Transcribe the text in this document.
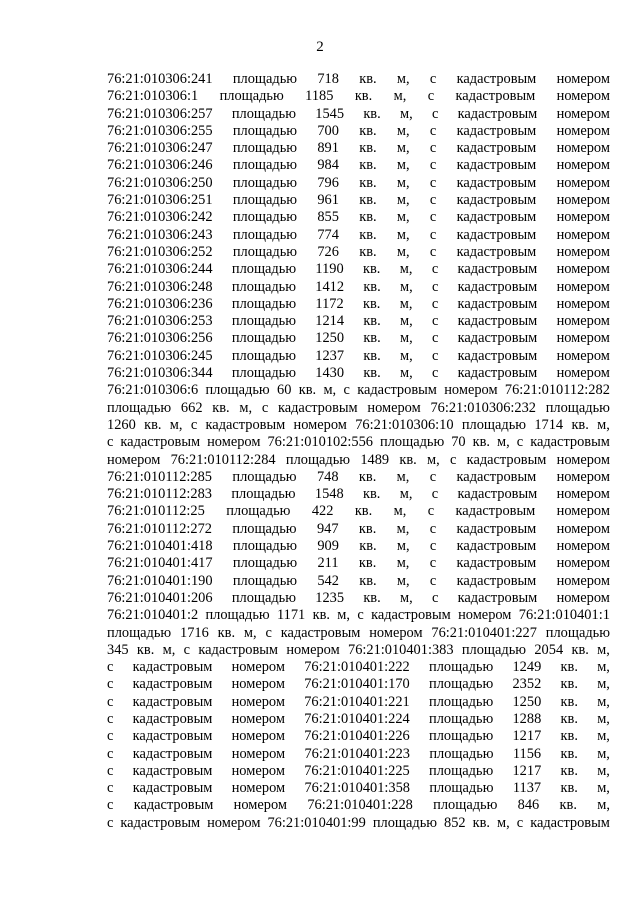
2
76:21:010306:241 площадью 718 кв. м, с кадастровым номером
76:21:010306:1 площадью 1185 кв. м, с кадастровым номером
76:21:010306:257 площадью 1545 кв. м, с кадастровым номером
76:21:010306:255 площадью 700 кв. м, с кадастровым номером
76:21:010306:247 площадью 891 кв. м, с кадастровым номером
76:21:010306:246 площадью 984 кв. м, с кадастровым номером
76:21:010306:250 площадью 796 кв. м, с кадастровым номером
76:21:010306:251 площадью 961 кв. м, с кадастровым номером
76:21:010306:242 площадью 855 кв. м, с кадастровым номером
76:21:010306:243 площадью 774 кв. м, с кадастровым номером
76:21:010306:252 площадью 726 кв. м, с кадастровым номером
76:21:010306:244 площадью 1190 кв. м, с кадастровым номером
76:21:010306:248 площадью 1412 кв. м, с кадастровым номером
76:21:010306:236 площадью 1172 кв. м, с кадастровым номером
76:21:010306:253 площадью 1214 кв. м, с кадастровым номером
76:21:010306:256 площадью 1250 кв. м, с кадастровым номером
76:21:010306:245 площадью 1237 кв. м, с кадастровым номером
76:21:010306:344 площадью 1430 кв. м, с кадастровым номером
76:21:010306:6 площадью 60 кв. м, с кадастровым номером 76:21:010112:282
площадью 662 кв. м, с кадастровым номером 76:21:010306:232 площадью
1260 кв. м, с кадастровым номером 76:21:010306:10 площадью 1714 кв. м,
с кадастровым номером 76:21:010102:556 площадью 70 кв. м, с кадастровым
номером 76:21:010112:284 площадью 1489 кв. м, с кадастровым номером
76:21:010112:285 площадью 748 кв. м, с кадастровым номером
76:21:010112:283 площадью 1548 кв. м, с кадастровым номером
76:21:010112:25 площадью 422 кв. м, с кадастровым номером
76:21:010112:272 площадью 947 кв. м, с кадастровым номером
76:21:010401:418 площадью 909 кв. м, с кадастровым номером
76:21:010401:417 площадью 211 кв. м, с кадастровым номером
76:21:010401:190 площадью 542 кв. м, с кадастровым номером
76:21:010401:206 площадью 1235 кв. м, с кадастровым номером
76:21:010401:2 площадью 1171 кв. м, с кадастровым номером 76:21:010401:1
площадью 1716 кв. м, с кадастровым номером 76:21:010401:227 площадью
345 кв. м, с кадастровым номером 76:21:010401:383 площадью 2054 кв. м,
с кадастровым номером 76:21:010401:222 площадью 1249 кв. м,
с кадастровым номером 76:21:010401:170 площадью 2352 кв. м,
с кадастровым номером 76:21:010401:221 площадью 1250 кв. м,
с кадастровым номером 76:21:010401:224 площадью 1288 кв. м,
с кадастровым номером 76:21:010401:226 площадью 1217 кв. м,
с кадастровым номером 76:21:010401:223 площадью 1156 кв. м,
с кадастровым номером 76:21:010401:225 площадью 1217 кв. м,
с кадастровым номером 76:21:010401:358 площадью 1137 кв. м,
с кадастровым номером 76:21:010401:228 площадью 846 кв. м,
с кадастровым номером 76:21:010401:99 площадью 852 кв. м, с кадастровым
